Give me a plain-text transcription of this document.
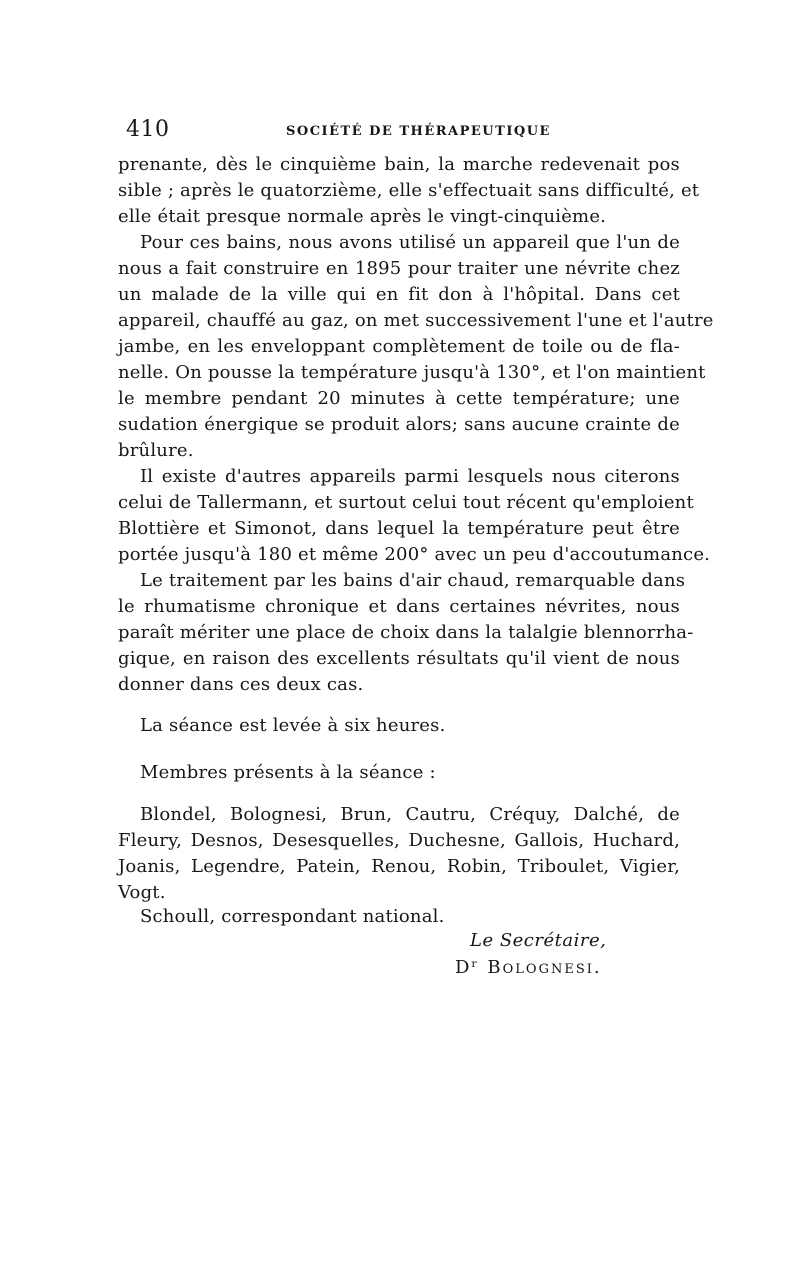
410	SOCIÉTÉ DE THÉRAPEUTIQUE
prenante, dès le cinquième bain, la marche redevenait pos
sible ; après le quatorzième, elle s'effectuait sans difficulté, et
elle était presque normale après le vingt-cinquième.
Pour ces bains, nous avons utilisé un appareil que l'un de
nous a fait construire en 1895 pour traiter une névrite chez
un malade de la ville qui en fit don à l'hôpital. Dans cet
appareil, chauffé au gaz, on met successivement l'une et l'autre
jambe, en les enveloppant complètement de toile ou de fla-
nelle. On pousse la température jusqu'à 130°, et l'on maintient
le membre pendant 20 minutes à cette température; une
sudation énergique se produit alors; sans aucune crainte de
brûlure.
Il existe d'autres appareils parmi lesquels nous citerons
celui de Tallermann, et surtout celui tout récent qu'emploient
Blottière et Simonot, dans lequel la température peut être
portée jusqu'à 180 et même 200° avec un peu d'accoutumance.
Le traitement par les bains d'air chaud, remarquable dans
le rhumatisme chronique et dans certaines névrites, nous
paraît mériter une place de choix dans la talalgie blennorrha-
gique, en raison des excellents résultats qu'il vient de nous
donner dans ces deux cas.
La séance est levée à six heures.
Membres présents à la séance :
Blondel, Bolognesi, Brun, Cautru, Créquy, Dalché, de
Fleury, Desnos, Desesquelles, Duchesne, Gallois, Huchard,
Joanis, Legendre, Patein, Renou, Robin, Triboulet, Vigier,
Vogt.
Schoull, correspondant national.
Le Secrétaire,
Dʳ Bolognesi.
